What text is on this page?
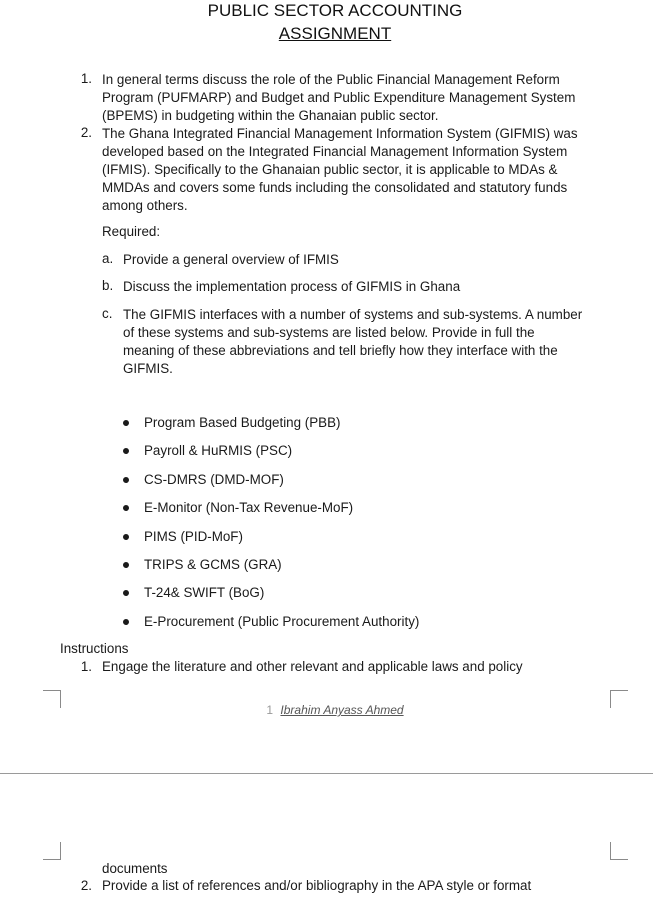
PUBLIC SECTOR ACCOUNTING
ASSIGNMENT
1. In general terms discuss the role of the Public Financial Management Reform
Program (PUFMARP) and Budget and Public Expenditure Management System
(BPEMS) in budgeting within the Ghanaian public sector.
2. The Ghana Integrated Financial Management Information System (GIFMIS) was
developed based on the Integrated Financial Management Information System
(IFMIS). Specifically to the Ghanaian public sector, it is applicable to MDAs &
MMDAs and covers some funds including the consolidated and statutory funds
among others.
Required:
a. Provide a general overview of IFMIS
b. Discuss the implementation process of GIFMIS in Ghana
c. The GIFMIS interfaces with a number of systems and sub-systems. A number
of these systems and sub-systems are listed below. Provide in full the
meaning of these abbreviations and tell briefly how they interface with the
GIFMIS.
Program Based Budgeting (PBB)
Payroll & HuRMIS (PSC)
CS-DMRS (DMD-MOF)
E-Monitor (Non-Tax Revenue-MoF)
PIMS (PID-MoF)
TRIPS & GCMS (GRA)
T-24& SWIFT (BoG)
E-Procurement (Public Procurement Authority)
Instructions
1. Engage the literature and other relevant and applicable laws and policy
1 Ibrahim Anyass Ahmed
documents
2. Provide a list of references and/or bibliography in the APA style or format
